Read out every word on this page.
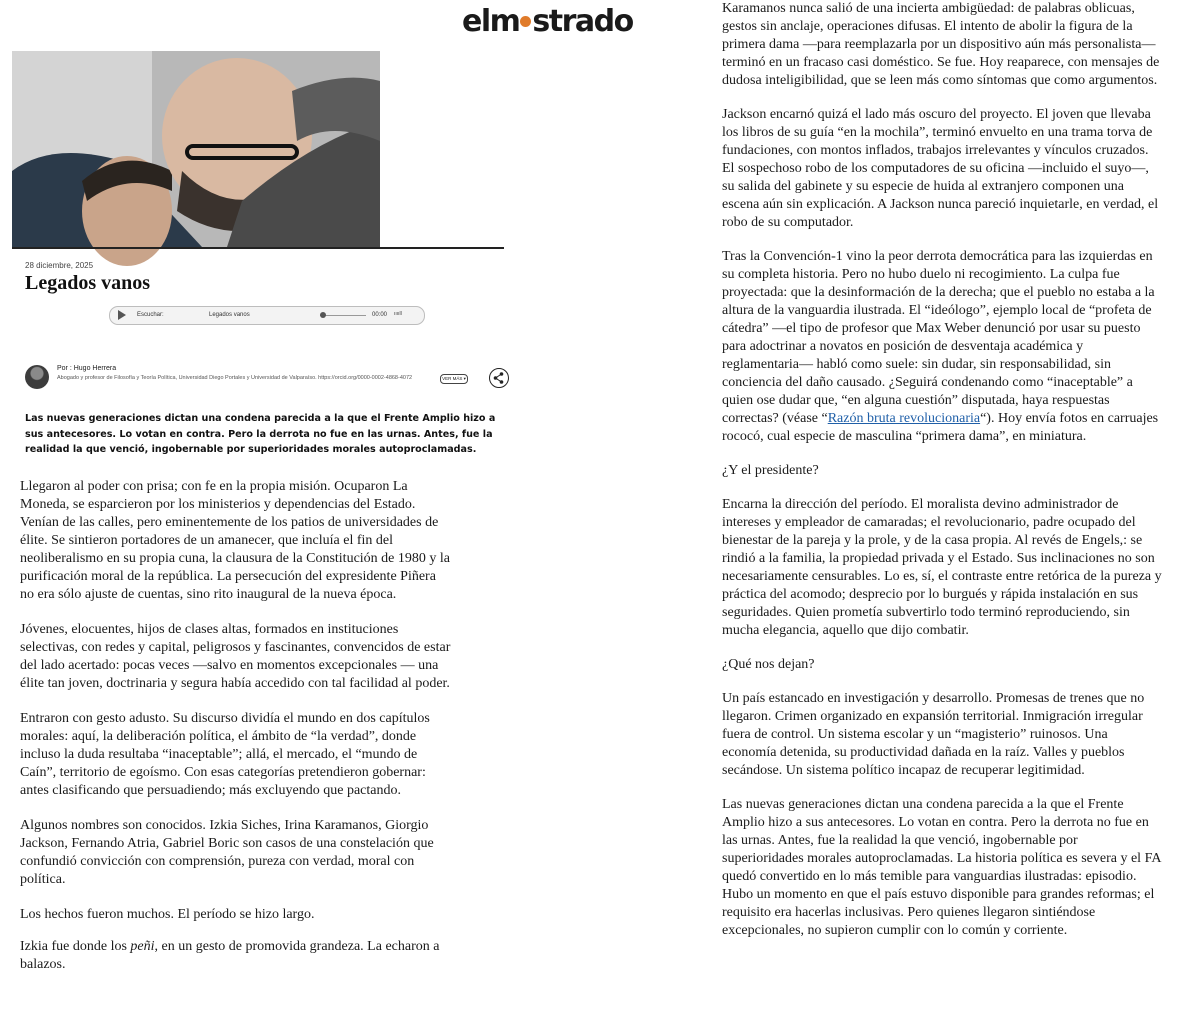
elm strado
28 diciembre, 2025
Legados vanos
Escuchar:	Legados vanos	00:00 ııııll
Por : Hugo Herrera
Abogado y profesor de Filosofía y Teoría Política, Universidad Diego Portales y Universidad de Valparaíso. https://orcid.org/0000-0002-4868-4072	VER MÁS ▾

Las nuevas generaciones dictan una condena parecida a la que el Frente Amplio hizo a sus antecesores. Lo votan en contra. Pero la derrota no fue en las urnas. Antes, fue la realidad la que venció, ingobernable por superioridades morales autoproclamadas.

Llegaron al poder con prisa; con fe en la propia misión. Ocuparon La Moneda, se esparcieron por los ministerios y dependencias del Estado. Venían de las calles, pero eminentemente de los patios de universidades de élite. Se sintieron portadores de un amanecer, que incluía el fin del neoliberalismo en su propia cuna, la clausura de la Constitución de 1980 y la purificación moral de la república. La persecución del expresidente Piñera no era sólo ajuste de cuentas, sino rito inaugural de la nueva época.

Jóvenes, elocuentes, hijos de clases altas, formados en instituciones selectivas, con redes y capital, peligrosos y fascinantes, convencidos de estar del lado acertado: pocas veces —salvo en momentos excepcionales — una élite tan joven, doctrinaria y segura había accedido con tal facilidad al poder.

Entraron con gesto adusto. Su discurso dividía el mundo en dos capítulos morales: aquí, la deliberación política, el ámbito de “la verdad”, donde incluso la duda resultaba “inaceptable”; allá, el mercado, el “mundo de Caín”, territorio de egoísmo. Con esas categorías pretendieron gobernar: antes clasificando que persuadiendo; más excluyendo que pactando.

Algunos nombres son conocidos. Izkia Siches, Irina Karamanos, Giorgio Jackson, Fernando Atria, Gabriel Boric son casos de una constelación que confundió convicción con comprensión, pureza con verdad, moral con política.

Los hechos fueron muchos. El período se hizo largo.

Izkia fue donde los peñi, en un gesto de promovida grandeza. La echaron a balazos.

Karamanos nunca salió de una incierta ambigüedad: de palabras oblicuas, gestos sin anclaje, operaciones difusas. El intento de abolir la figura de la primera dama —para reemplazarla por un dispositivo aún más personalista— terminó en un fracaso casi doméstico. Se fue. Hoy reaparece, con mensajes de dudosa inteligibilidad, que se leen más como síntomas que como argumentos.

Jackson encarnó quizá el lado más oscuro del proyecto. El joven que llevaba los libros de su guía “en la mochila”, terminó envuelto en una trama torva de fundaciones, con montos inflados, trabajos irrelevantes y vínculos cruzados. El sospechoso robo de los computadores de su oficina —incluido el suyo—, su salida del gabinete y su especie de huida al extranjero componen una escena aún sin explicación. A Jackson nunca pareció inquietarle, en verdad, el robo de su computador.

Tras la Convención-1 vino la peor derrota democrática para las izquierdas en su completa historia. Pero no hubo duelo ni recogimiento. La culpa fue proyectada: que la desinformación de la derecha; que el pueblo no estaba a la altura de la vanguardia ilustrada. El “ideólogo”, ejemplo local de “profeta de cátedra” —el tipo de profesor que Max Weber denunció por usar su puesto para adoctrinar a novatos en posición de desventaja académica y reglamentaria— habló como suele: sin dudar, sin responsabilidad, sin conciencia del daño causado. ¿Seguirá condenando como “inaceptable” a quien ose dudar que, “en alguna cuestión” disputada, haya respuestas correctas? (véase “Razón bruta revolucionaria“). Hoy envía fotos en carruajes rococó, cual especie de masculina “primera dama”, en miniatura.

¿Y el presidente?

Encarna la dirección del período. El moralista devino administrador de intereses y empleador de camaradas; el revolucionario, padre ocupado del bienestar de la pareja y la prole, y de la casa propia. Al revés de Engels,: se rindió a la familia, la propiedad privada y el Estado. Sus inclinaciones no son necesariamente censurables. Lo es, sí, el contraste entre retórica de la pureza y práctica del acomodo; desprecio por lo burgués y rápida instalación en sus seguridades. Quien prometía subvertirlo todo terminó reproduciendo, sin mucha elegancia, aquello que dijo combatir.

¿Qué nos dejan?

Un país estancado en investigación y desarrollo. Promesas de trenes que no llegaron. Crimen organizado en expansión territorial. Inmigración irregular fuera de control. Un sistema escolar y un “magisterio” ruinosos. Una economía detenida, su productividad dañada en la raíz. Valles y pueblos secándose. Un sistema político incapaz de recuperar legitimidad.

Las nuevas generaciones dictan una condena parecida a la que el Frente Amplio hizo a sus antecesores. Lo votan en contra. Pero la derrota no fue en las urnas. Antes, fue la realidad la que venció, ingobernable por superioridades morales autoproclamadas. La historia política es severa y el FA quedó convertido en lo más temible para vanguardias ilustradas: episodio. Hubo un momento en que el país estuvo disponible para grandes reformas; el requisito era hacerlas inclusivas. Pero quienes llegaron sintiéndose excepcionales, no supieron cumplir con lo común y corriente.
